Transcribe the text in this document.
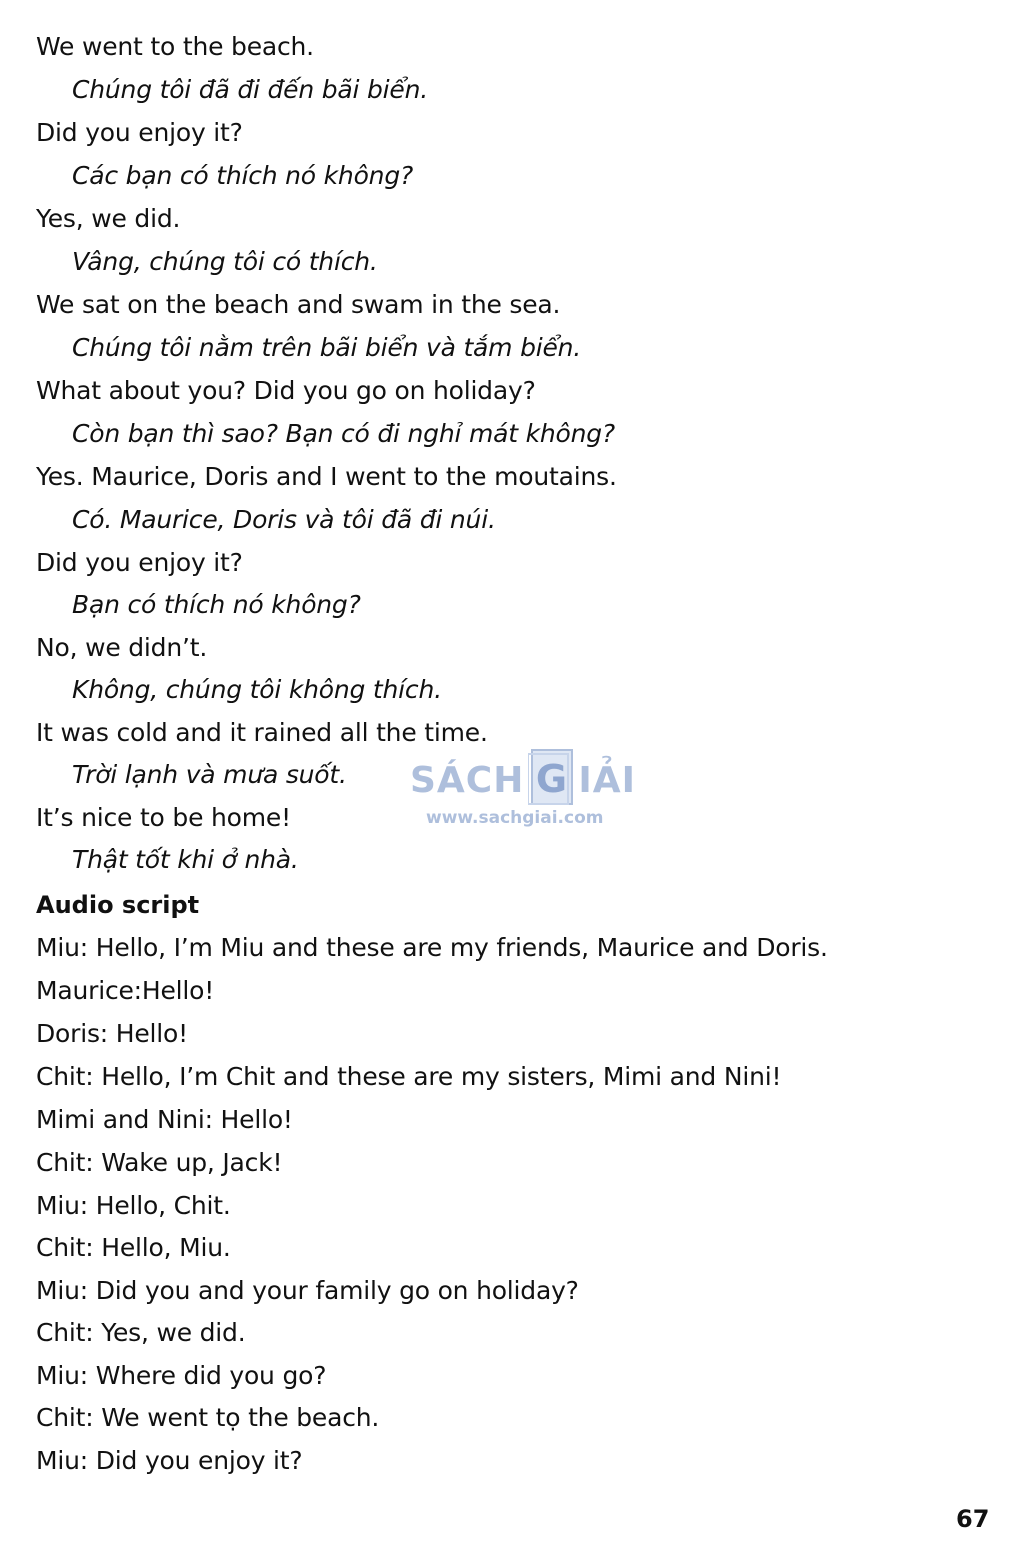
We went to the beach.
Chúng tôi đã đi đến bãi biển.
Did you enjoy it?
Các bạn có thích nó không?
Yes, we did.
Vâng, chúng tôi có thích.
We sat on the beach and swam in the sea.
Chúng tôi nằm trên bãi biển và tắm biển.
What about you? Did you go on holiday?
Còn bạn thì sao? Bạn có đi nghỉ mát không?
Yes. Maurice, Doris and I went to the moutains.
Có. Maurice, Doris và tôi đã đi núi.
Did you enjoy it?
Bạn có thích nó không?
No, we didn’t.
Không, chúng tôi không thích.
It was cold and it rained all the time.
Trời lạnh và mưa suốt.
It’s nice to be home!
Thật tốt khi ở nhà.
Audio script
Miu: Hello, I’m Miu and these are my friends, Maurice and Doris.
Maurice:Hello!
Doris: Hello!
Chit: Hello, I’m Chit and these are my sisters, Mimi and Nini!
Mimi and Nini: Hello!
Chit: Wake up, Jack!
Miu: Hello, Chit.
Chit: Hello, Miu.
Miu: Did you and your family go on holiday?
Chit: Yes, we did.
Miu: Where did you go?
Chit: We went tọ the beach.
Miu: Did you enjoy it?
SÁCH G IẢI
www.sachgiai.com
67
